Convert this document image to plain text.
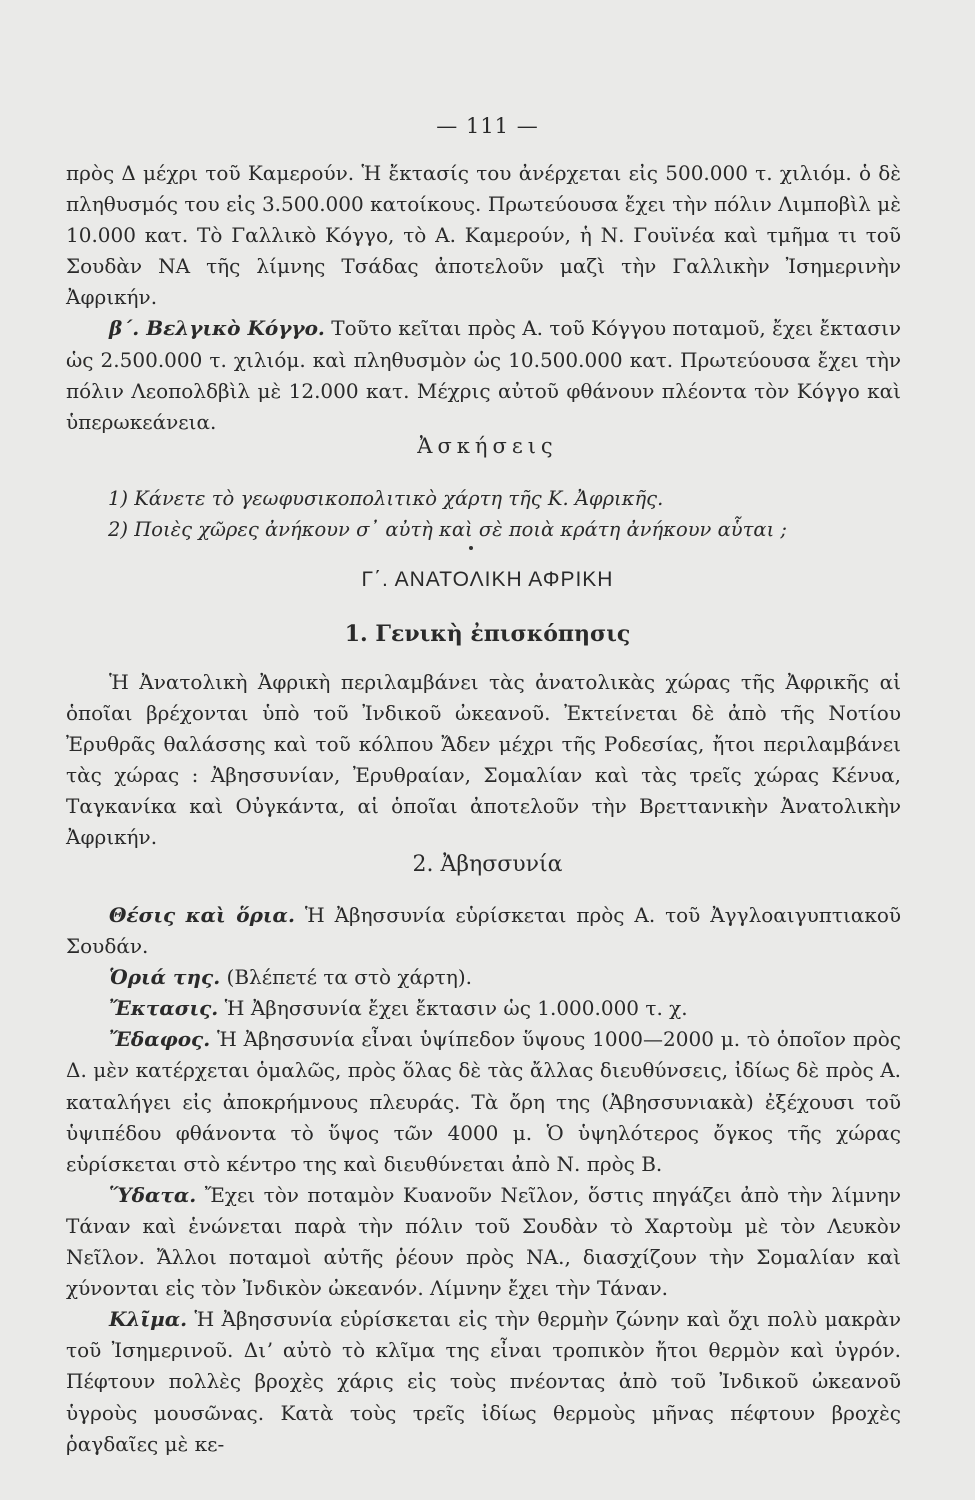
— 111 —

πρὸς Δ μέχρι τοῦ Καμερούν. Ἡ ἔκτασίς του ἀνέρχεται εἰς 500.000 τ. χιλιόμ. ὁ δὲ πληθυσμός του εἰς 3.500.000 κατοίκους. Πρωτεύουσα ἔχει τὴν πόλιν Λιμποβὶλ μὲ 10.000 κατ. Τὸ Γαλλικὸ Κόγγο, τὸ Α. Καμερούν, ἡ Ν. Γουϊνέα καὶ τμῆμα τι τοῦ Σουδὰν ΝΑ τῆς λίμνης Τσάδας ἀποτελοῦν μαζὶ τὴν Γαλλικὴν Ἰσημερινὴν Ἀφρικήν.

β΄. Βελγικὸ Κόγγο. Τοῦτο κεῖται πρὸς Α. τοῦ Κόγγου ποταμοῦ, ἔχει ἔκτασιν ὡς 2.500.000 τ. χιλιόμ. καὶ πληθυσμὸν ὡς 10.500.000 κατ. Πρωτεύουσα ἔχει τὴν πόλιν Λεοπολδβὶλ μὲ 12.000 κατ. Μέχρις αὐτοῦ φθάνουν πλέοντα τὸν Κόγγο καὶ ὑπερωκεάνεια.

Ἀσκήσεις
1) Κάνετε τὸ γεωφυσικοπολιτικὸ χάρτη τῆς Κ. Ἀφρικῆς.
2) Ποιὲς χῶρες ἀνήκουν σ᾽ αὐτὴ καὶ σὲ ποιὰ κράτη ἀνήκουν αὗται ;
Γ΄. ΑΝΑΤΟΛΙΚΗ ΑΦΡΙΚΗ
1. Γενικὴ ἐπισκόπησις

Ἡ Ἀνατολικὴ Ἀφρικὴ περιλαμβάνει τὰς ἀνατολικὰς χώρας τῆς Ἀφρικῆς αἱ ὁποῖαι βρέχονται ὑπὸ τοῦ Ἰνδικοῦ ὠκεανοῦ. Ἐκτείνεται δὲ ἀπὸ τῆς Νοτίου Ἐρυθρᾶς θαλάσσης καὶ τοῦ κόλπου Ἄδεν μέχρι τῆς Ροδεσίας, ἤτοι περιλαμβάνει τὰς χώρας : Ἀβησσυνίαν, Ἐρυθραίαν, Σομαλίαν καὶ τὰς τρεῖς χώρας Κένυα, Ταγκανίκα καὶ Οὐγκάντα, αἱ ὁποῖαι ἀποτελοῦν τὴν Βρεττανικὴν Ἀνατολικὴν Ἀφρικήν.

2. Ἀβησσυνία

Θέσις καὶ ὅρια. Ἡ Ἀβησσυνία εὑρίσκεται πρὸς Α. τοῦ Ἀγγλοαιγυπτιακοῦ Σουδάν.

Ὁριά της. (Βλέπετέ τα στὸ χάρτη).

Ἔκτασις. Ἡ Ἀβησσυνία ἔχει ἔκτασιν ὡς 1.000.000 τ. χ.

Ἔδαφος. Ἡ Ἀβησσυνία εἶναι ὑψίπεδον ὕψους 1000—2000 μ. τὸ ὁποῖον πρὸς Δ. μὲν κατέρχεται ὁμαλῶς, πρὸς ὅλας δὲ τὰς ἄλλας διευθύνσεις, ἰδίως δὲ πρὸς Α. καταλήγει εἰς ἀποκρήμνους πλευράς. Τὰ ὄρη της (Ἀβησσυνιακὰ) ἐξέχουσι τοῦ ὑψιπέδου φθάνοντα τὸ ὕψος τῶν 4000 μ. Ὁ ὑψηλότερος ὄγκος τῆς χώρας εὑρίσκεται στὸ κέντρο της καὶ διευθύνεται ἀπὸ Ν. πρὸς Β.

Ὕδατα. Ἔχει τὸν ποταμὸν Κυανοῦν Νεῖλον, ὅστις πηγάζει ἀπὸ τὴν λίμνην Τάναν καὶ ἑνώνεται παρὰ τὴν πόλιν τοῦ Σουδὰν τὸ Χαρτοὺμ μὲ τὸν Λευκὸν Νεῖλον. Ἄλλοι ποταμοὶ αὐτῆς ῥέουν πρὸς ΝΑ., διασχίζουν τὴν Σομαλίαν καὶ χύνονται εἰς τὸν Ἰνδικὸν ὠκεανόν. Λίμνην ἔχει τὴν Τάναν.

Κλῖμα. Ἡ Ἀβησσυνία εὑρίσκεται εἰς τὴν θερμὴν ζώνην καὶ ὄχι πολὺ μακρὰν τοῦ Ἰσημερινοῦ. Διʼ αὐτὸ τὸ κλῖμα της εἶναι τροπικὸν ἤτοι θερμὸν καὶ ὑγρόν. Πέφτουν πολλὲς βροχὲς χάρις εἰς τοὺς πνέοντας ἀπὸ τοῦ Ἰνδικοῦ ὠκεανοῦ ὑγροὺς μουσῶνας. Κατὰ τοὺς τρεῖς ἰδίως θερμοὺς μῆνας πέφτουν βροχὲς ῥαγδαῖες μὲ κε-
